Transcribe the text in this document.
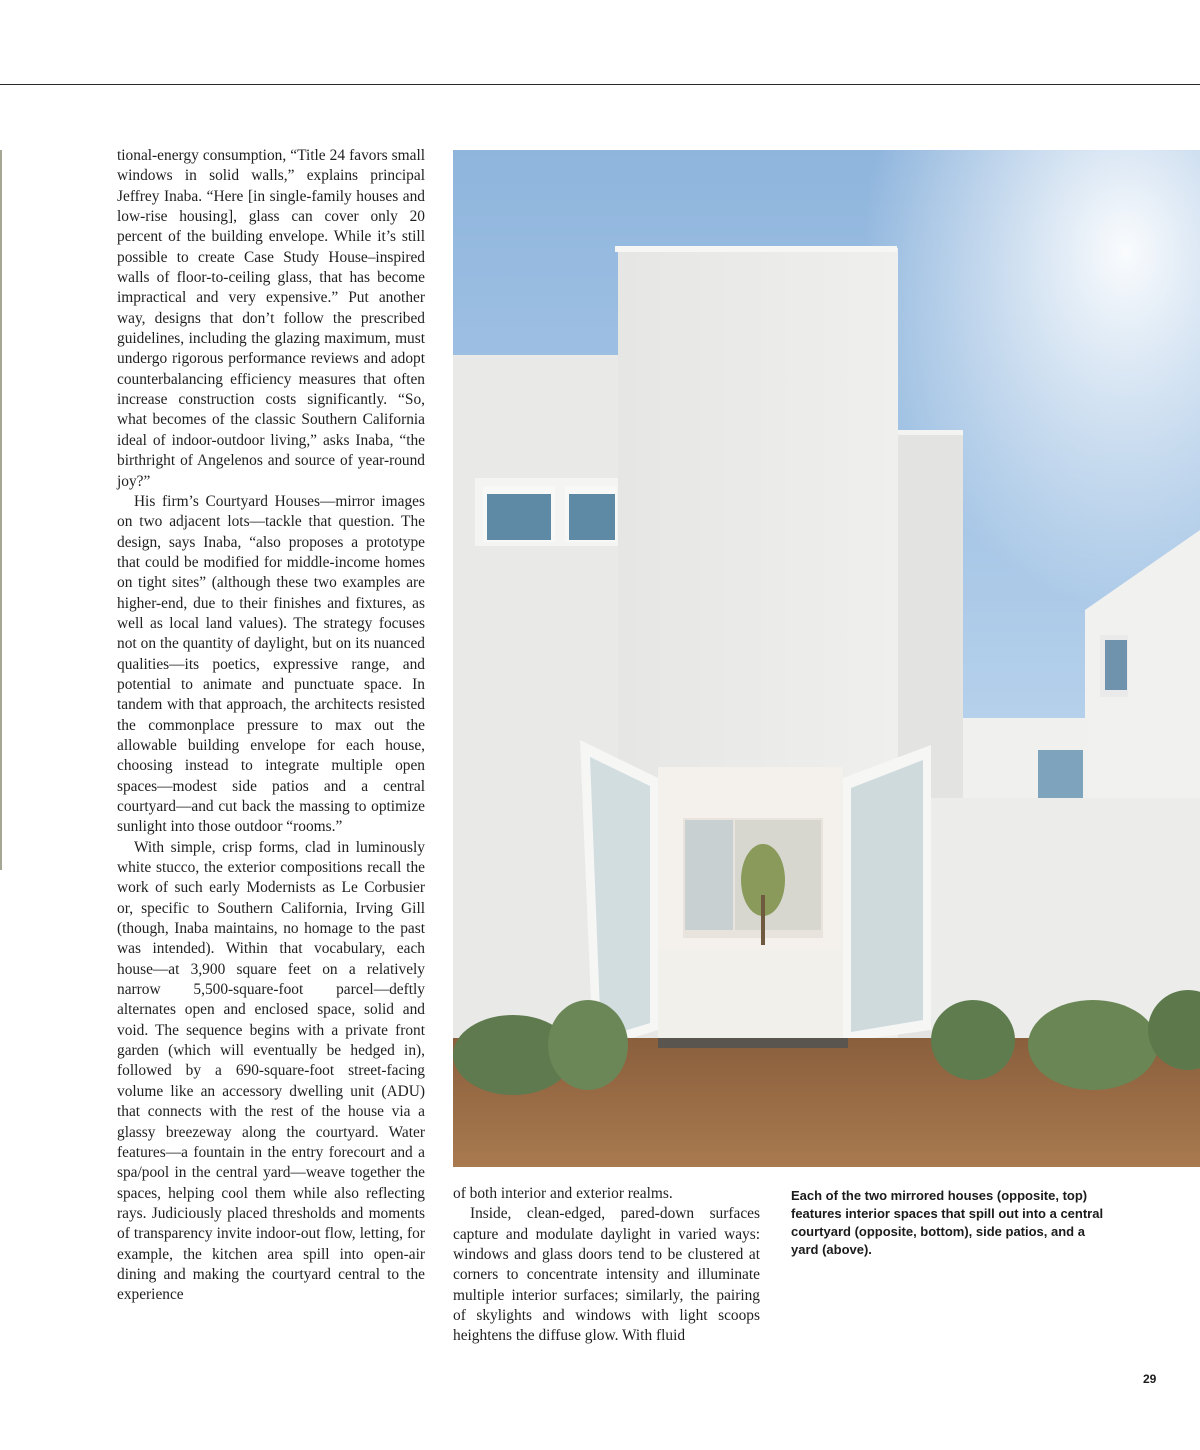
tional-energy consumption, “Title 24 favors small windows in solid walls,” explains principal Jeffrey Inaba. “Here [in single-family houses and low-rise housing], glass can cover only 20 percent of the building envelope. While it’s still possible to create Case Study House–inspired walls of floor-to-ceiling glass, that has become impractical and very expensive.” Put another way, designs that don’t follow the prescribed guidelines, including the glazing maximum, must undergo rigorous performance reviews and adopt counterbalancing efficiency measures that often increase construction costs significantly. “So, what becomes of the classic Southern California ideal of indoor-outdoor living,” asks Inaba, “the birthright of Angelenos and source of year-round joy?”

His firm’s Courtyard Houses—mirror images on two adjacent lots—tackle that question. The design, says Inaba, “also proposes a prototype that could be modified for middle-income homes on tight sites” (although these two examples are higher-end, due to their finishes and fixtures, as well as local land values). The strategy focuses not on the quantity of daylight, but on its nuanced qualities—its poetics, expressive range, and potential to animate and punctuate space. In tandem with that approach, the architects resisted the commonplace pressure to max out the allowable building envelope for each house, choosing instead to integrate multiple open spaces—modest side patios and a central courtyard—and cut back the massing to optimize sunlight into those outdoor “rooms.”

With simple, crisp forms, clad in luminously white stucco, the exterior compositions recall the work of such early Modernists as Le Corbusier or, specific to Southern California, Irving Gill (though, Inaba maintains, no homage to the past was intended). Within that vocabulary, each house—at 3,900 square feet on a relatively narrow 5,500-square-foot parcel—deftly alternates open and enclosed space, solid and void. The sequence begins with a private front garden (which will eventually be hedged in), followed by a 690-square-foot street-facing volume like an accessory dwelling unit (ADU) that connects with the rest of the house via a glassy breezeway along the courtyard. Water features—a fountain in the entry forecourt and a spa/pool in the central yard—weave together the spaces, helping cool them while also reflecting rays. Judiciously placed thresholds and moments of transparency invite indoor-out flow, letting, for example, the kitchen area spill into open-air dining and making the courtyard central to the experience

of both interior and exterior realms.

Inside, clean-edged, pared-down surfaces capture and modulate daylight in varied ways: windows and glass doors tend to be clustered at corners to concentrate intensity and illuminate multiple interior surfaces; similarly, the pairing of skylights and windows with light scoops heightens the diffuse glow. With fluid

Each of the two mirrored houses (opposite, top) features interior spaces that spill out into a central courtyard (opposite, bottom), side patios, and a yard (above).
29
